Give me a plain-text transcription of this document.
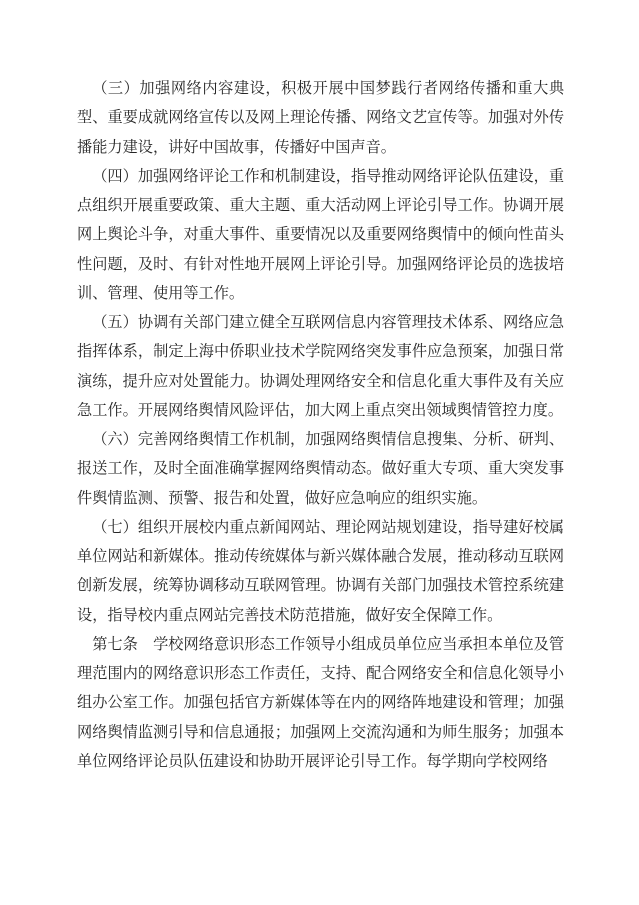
（三）加强网络内容建设，积极开展中国梦践行者网络传播和重大典型、重要成就网络宣传以及网上理论传播、网络文艺宣传等。加强对外传播能力建设，讲好中国故事，传播好中国声音。

（四）加强网络评论工作和机制建设，指导推动网络评论队伍建设，重点组织开展重要政策、重大主题、重大活动网上评论引导工作。协调开展网上舆论斗争，对重大事件、重要情况以及重要网络舆情中的倾向性苗头性问题，及时、有针对性地开展网上评论引导。加强网络评论员的选拔培训、管理、使用等工作。

（五）协调有关部门建立健全互联网信息内容管理技术体系、网络应急指挥体系，制定上海中侨职业技术学院网络突发事件应急预案，加强日常演练，提升应对处置能力。协调处理网络安全和信息化重大事件及有关应急工作。开展网络舆情风险评估，加大网上重点突出领域舆情管控力度。

（六）完善网络舆情工作机制，加强网络舆情信息搜集、分析、研判、报送工作，及时全面准确掌握网络舆情动态。做好重大专项、重大突发事件舆情监测、预警、报告和处置，做好应急响应的组织实施。

（七）组织开展校内重点新闻网站、理论网站规划建设，指导建好校属单位网站和新媒体。推动传统媒体与新兴媒体融合发展，推动移动互联网创新发展，统筹协调移动互联网管理。协调有关部门加强技术管控系统建设，指导校内重点网站完善技术防范措施，做好安全保障工作。

第七条　学校网络意识形态工作领导小组成员单位应当承担本单位及管理范围内的网络意识形态工作责任，支持、配合网络安全和信息化领导小组办公室工作。加强包括官方新媒体等在内的网络阵地建设和管理；加强网络舆情监测引导和信息通报；加强网上交流沟通和为师生服务；加强本单位网络评论员队伍建设和协助开展评论引导工作。每学期向学校网络
